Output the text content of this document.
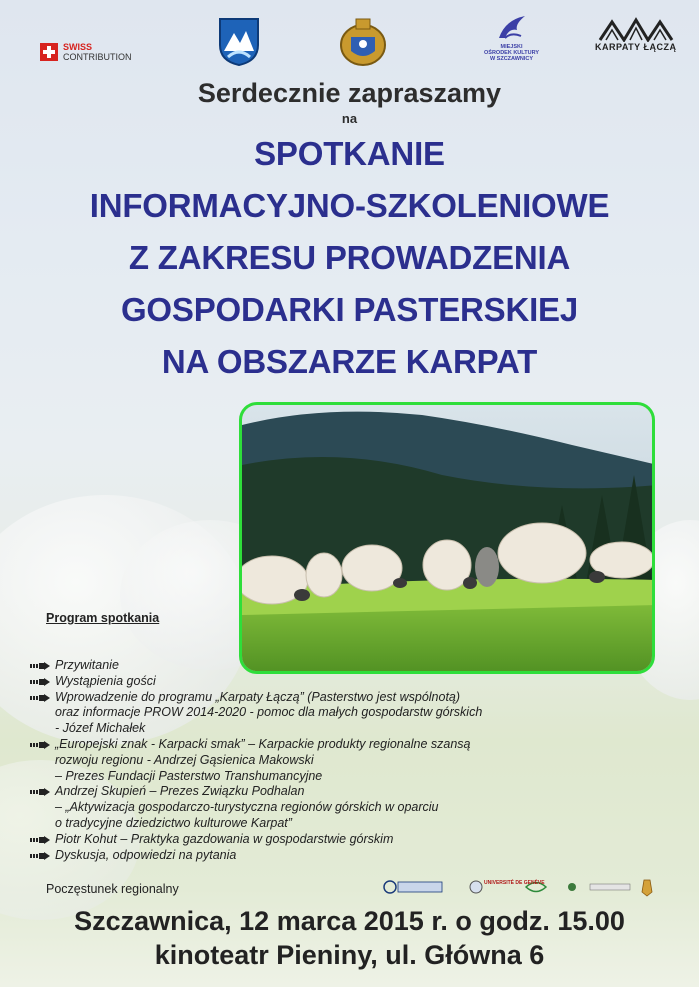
SWISS
CONTRIBUTION
MIEJSKI
OŚRODEK KULTURY
W SZCZAWNICY
KARPATY ŁĄCZĄ
Serdecznie zapraszamy
na
SPOTKANIE
INFORMACYJNO-SZKOLENIOWE
Z ZAKRESU PROWADZENIA
GOSPODARKI PASTERSKIEJ
NA OBSZARZE KARPAT
Program spotkania
Przywitanie
Wystąpienia gości
Wprowadzenie do programu „Karpaty Łączą” (Pasterstwo jest wspólnotą)
oraz informacje PROW 2014-2020 - pomoc dla małych gospodarstw górskich
- Józef Michałek
„Europejski znak - Karpacki smak” – Karpackie produkty regionalne szansą
rozwoju regionu - Andrzej Gąsienica Makowski
– Prezes Fundacji Pasterstwo Transhumancyjne
Andrzej Skupień – Prezes Związku Podhalan
– „Aktywizacja gospodarczo-turystyczna regionów górskich w oparciu
o tradycyjne dziedzictwo kulturowe Karpat”
Piotr Kohut – Praktyka gazdowania w gospodarstwie górskim
Dyskusja, odpowiedzi na pytania
Poczęstunek regionalny	UNIVERSITÉ DE GENÈVE
Szczawnica, 12 marca 2015 r. o godz. 15.00
kinoteatr Pieniny, ul. Główna 6
